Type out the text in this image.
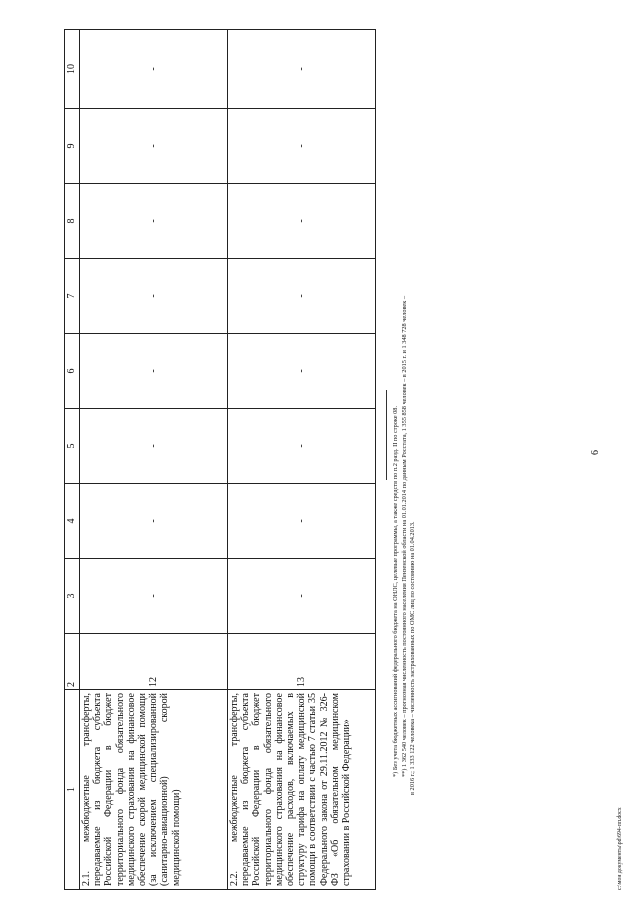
6
1	2	3	4	5	6	7	8	9	10
2.1. межбюджетные трансферты, передаваемые из бюджета субъекта Российской Федерации в бюджет территориального фонда обязательного медицинского страхования на финансовое обеспечение скорой медицинской помощи (за исключением специализированной (санитарно-авиационной) скорой медицинской помощи)	12	-	-	-	-	-	-	-	-
2.2. межбюджетные трансферты, передаваемые из бюджета субъекта Российской Федерации в бюджет территориального фонда обязательного медицинского страхования на финансовое обеспечение расходов, включаемых в структуру тарифа на оплату медицинской помощи в соответствии с частью 7 статьи 35 Федерального закона от 29.11.2012 № 326-ФЗ «Об обязательном медицинском страховании в Российской Федерации»	13	-	-	-	-	-	-	-	-

*) Без учета бюджетных ассигнований федерального бюджета на ОНЛС, целевые программы, а также средств по п.2 разд. II по строке 08. **) 1 362 540 человек – прогнозная численность постоянного населения Пензенской области на 01.01.2014 по данным Росстата, 1 355 858 человек – в 2015 г. и 1 348 728 человек – в 2016 г.; 1 333 122 человека – численность застрахованных по ОМС лиц по состоянию на 01.04.2013.

c:\мои документы\pd\694-пп.docx
